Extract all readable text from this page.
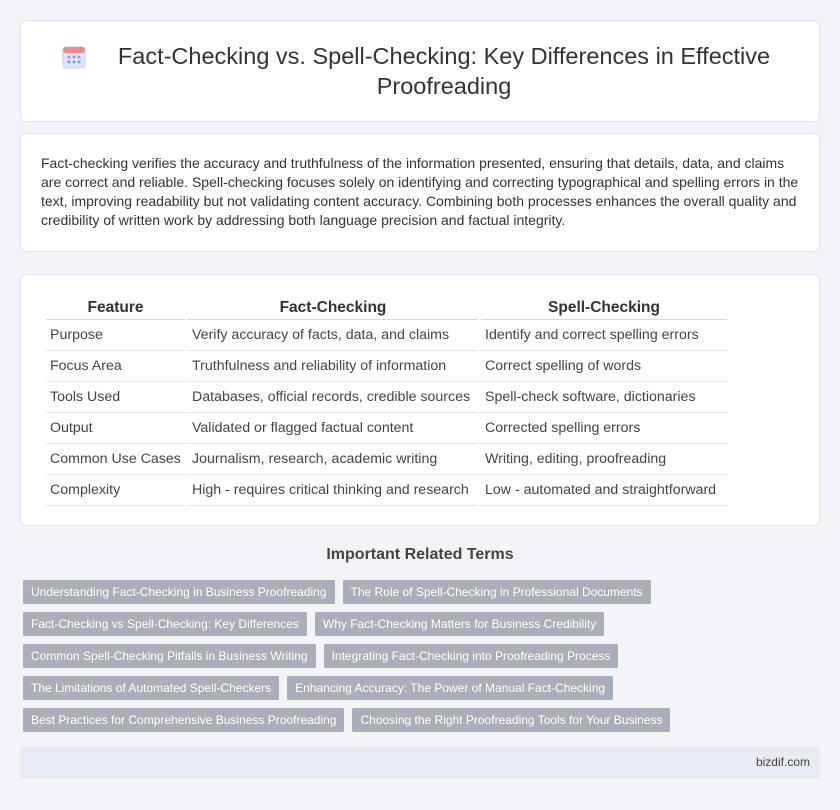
Fact-Checking vs. Spell-Checking: Key Differences in Effective Proofreading

Fact-checking verifies the accuracy and truthfulness of the information presented, ensuring that details, data, and claims are correct and reliable. Spell-checking focuses solely on identifying and correcting typographical and spelling errors in the text, improving readability but not validating content accuracy. Combining both processes enhances the overall quality and credibility of written work by addressing both language precision and factual integrity.

Feature	Fact-Checking	Spell-Checking
Purpose	Verify accuracy of facts, data, and claims	Identify and correct spelling errors
Focus Area	Truthfulness and reliability of information	Correct spelling of words
Tools Used	Databases, official records, credible sources	Spell-check software, dictionaries
Output	Validated or flagged factual content	Corrected spelling errors
Common Use Cases	Journalism, research, academic writing	Writing, editing, proofreading
Complexity	High - requires critical thinking and research	Low - automated and straightforward
Important Related Terms
Understanding Fact-Checking in Business Proofreading	The Role of Spell-Checking in Professional Documents
Fact-Checking vs Spell-Checking: Key Differences	Why Fact-Checking Matters for Business Credibility
Common Spell-Checking Pitfalls in Business Writing	Integrating Fact-Checking into Proofreading Process
The Limitations of Automated Spell-Checkers	Enhancing Accuracy: The Power of Manual Fact-Checking
Best Practices for Comprehensive Business Proofreading	Choosing the Right Proofreading Tools for Your Business
bizdif.com
